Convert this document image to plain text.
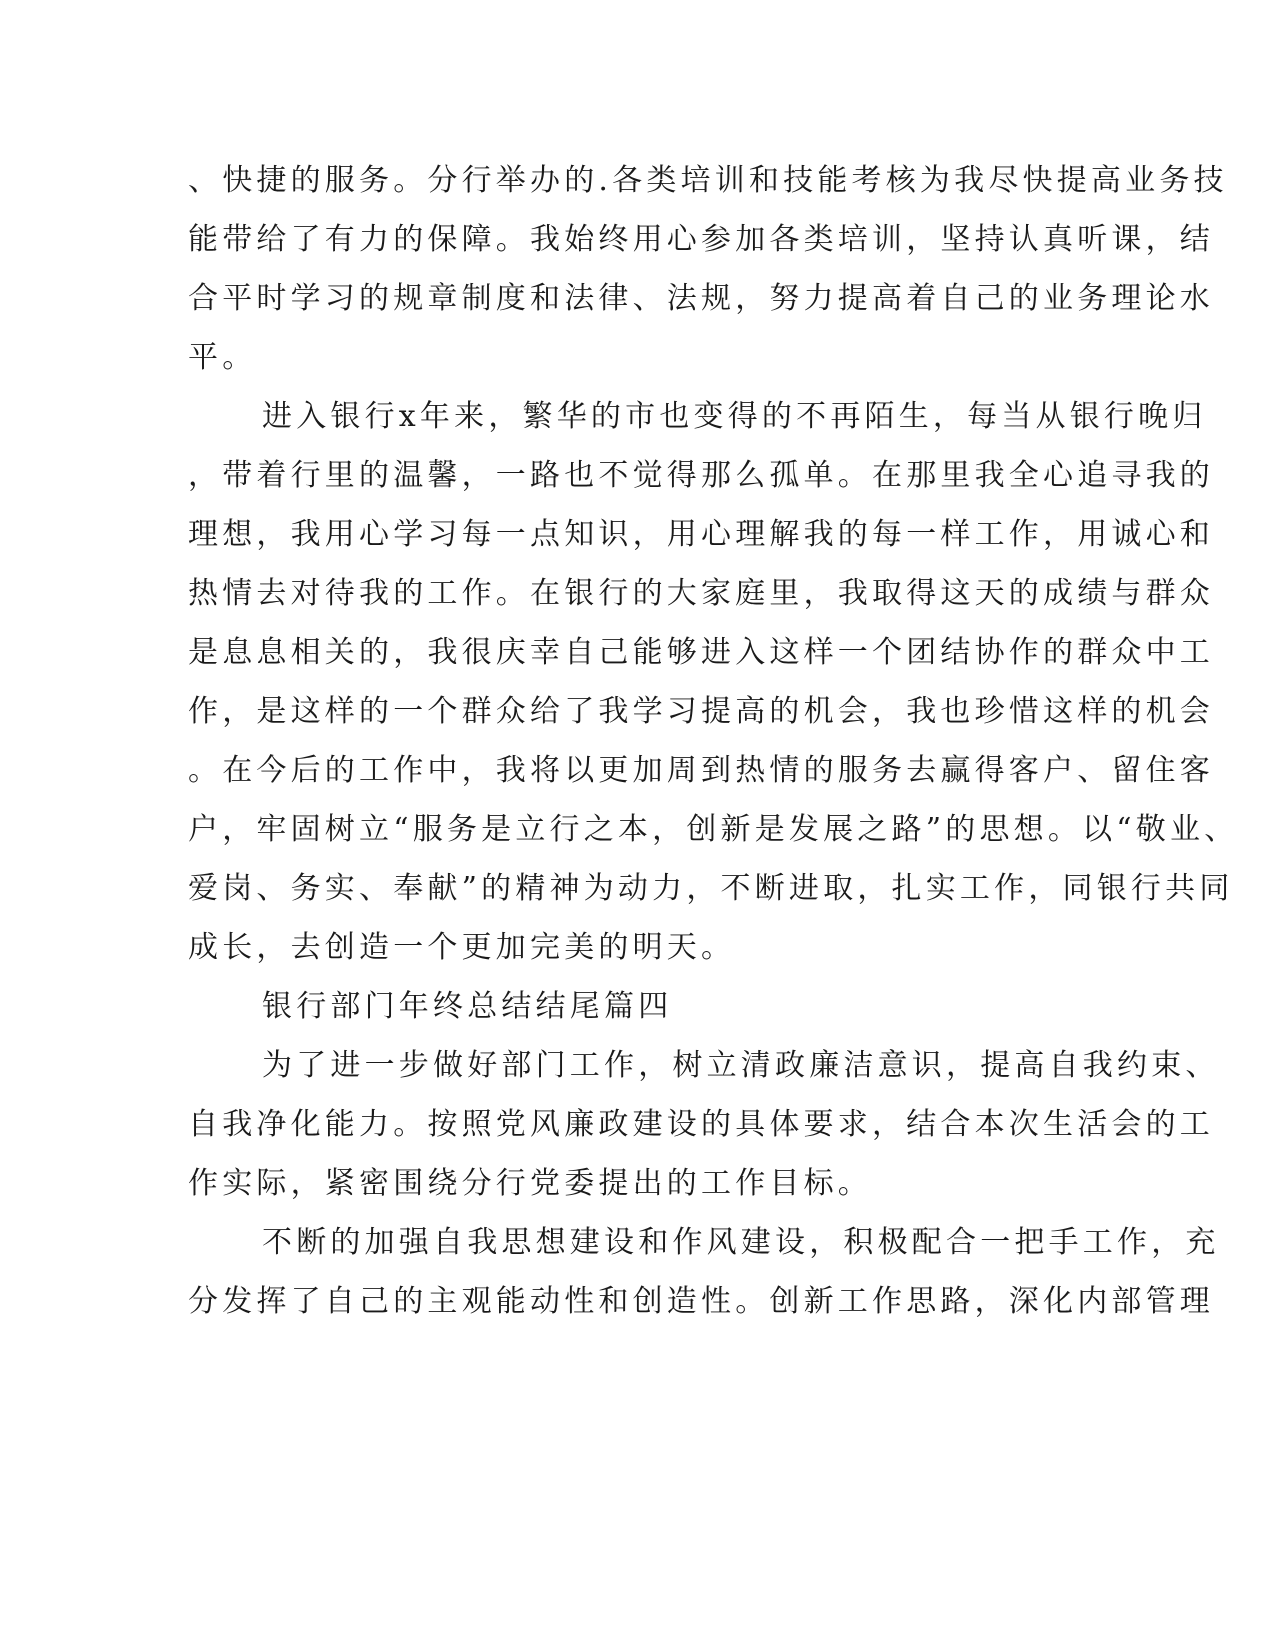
、快捷的服务。分行举办的.各类培训和技能考核为我尽快提高业务技
能带给了有力的保障。我始终用心参加各类培训，坚持认真听课，结
合平时学习的规章制度和法律、法规，努力提高着自己的业务理论水
平。
进入银行x年来，繁华的市也变得的不再陌生，每当从银行晚归
，带着行里的温馨，一路也不觉得那么孤单。在那里我全心追寻我的
理想，我用心学习每一点知识，用心理解我的每一样工作，用诚心和
热情去对待我的工作。在银行的大家庭里，我取得这天的成绩与群众
是息息相关的，我很庆幸自己能够进入这样一个团结协作的群众中工
作，是这样的一个群众给了我学习提高的机会，我也珍惜这样的机会
。在今后的工作中，我将以更加周到热情的服务去赢得客户、留住客
户，牢固树立“服务是立行之本，创新是发展之路”的思想。以“敬业、
爱岗、务实、奉献”的精神为动力，不断进取，扎实工作，同银行共同
成长，去创造一个更加完美的明天。
银行部门年终总结结尾篇四
为了进一步做好部门工作，树立清政廉洁意识，提高自我约束、
自我净化能力。按照党风廉政建设的具体要求，结合本次生活会的工
作实际，紧密围绕分行党委提出的工作目标。
不断的加强自我思想建设和作风建设，积极配合一把手工作，充
分发挥了自己的主观能动性和创造性。创新工作思路，深化内部管理
